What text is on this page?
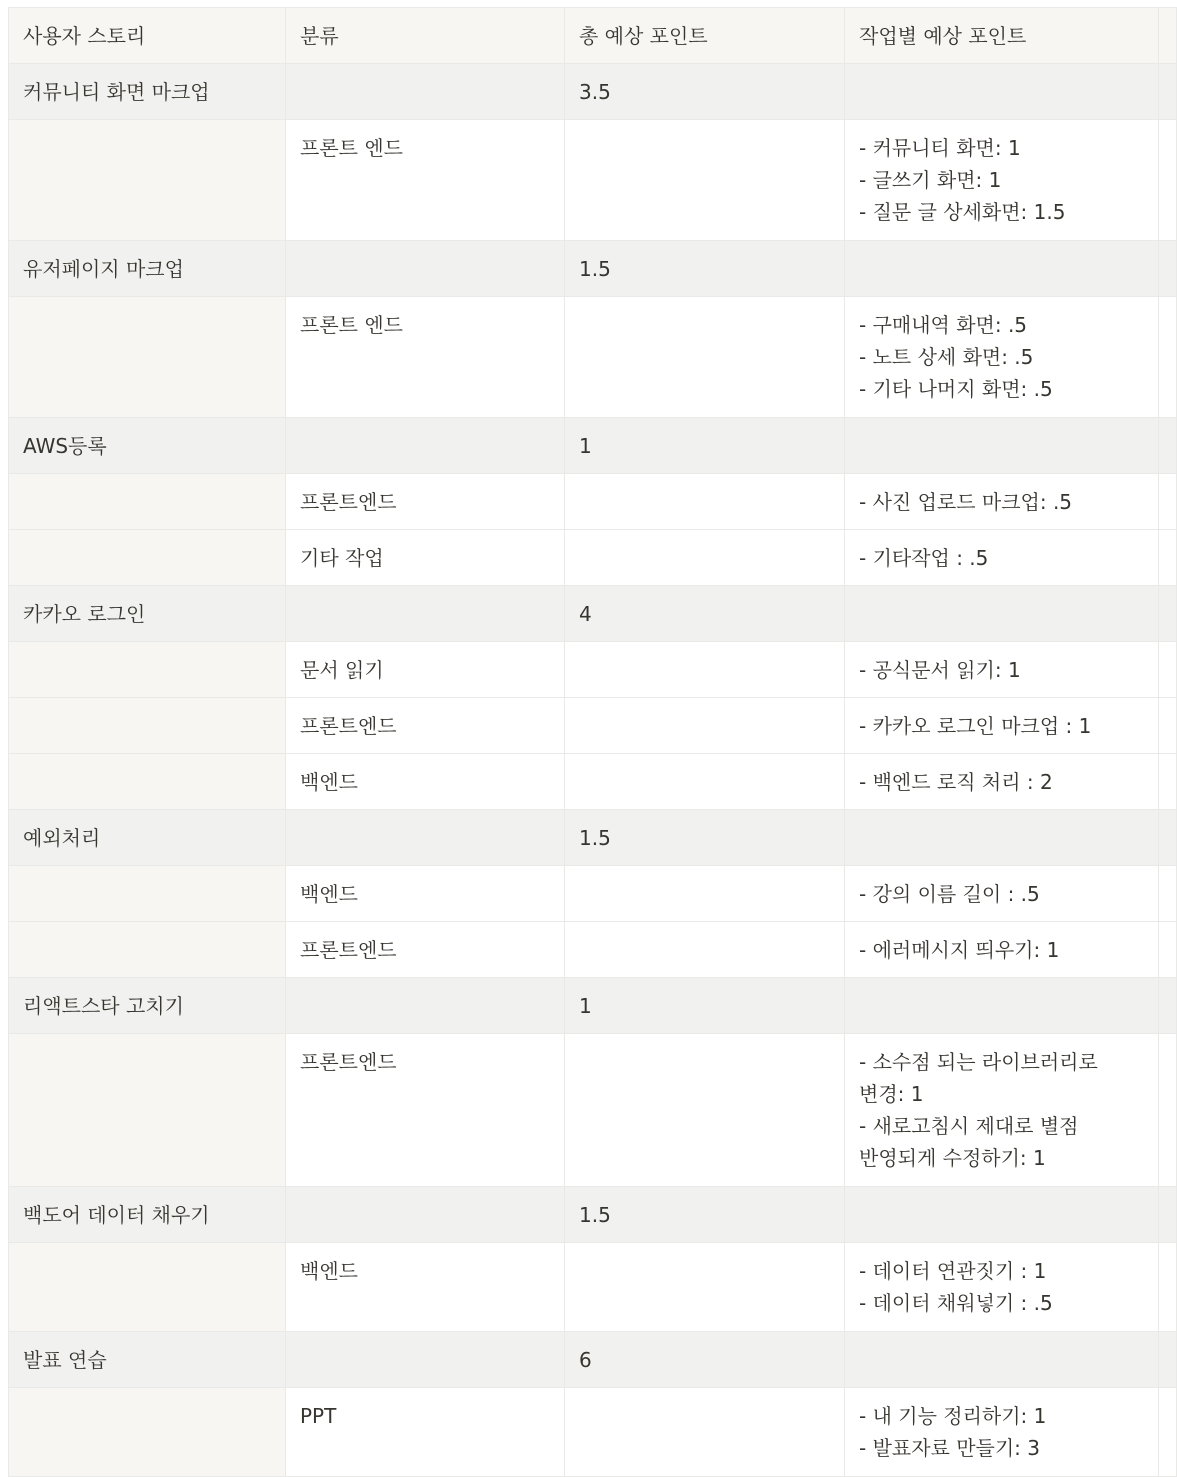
사용자 스토리	분류	총 예상 포인트	작업별 예상 포인트	
커뮤니티 화면 마크업		3.5		
	프론트 엔드		- 커뮤니티 화면: 1
- 글쓰기 화면: 1
- 질문 글 상세화면: 1.5	

유저페이지 마크업		1.5		
	프론트 엔드		- 구매내역 화면: .5
- 노트 상세 화면: .5
- 기타 나머지 화면: .5	

AWS등록		1		
	프론트엔드		- 사진 업로드 마크업: .5	

	기타 작업		- 기타작업 : .5	

카카오 로그인		4		
	문서 읽기		- 공식문서 읽기: 1	

	프론트엔드		- 카카오 로그인 마크업 : 1	

	백엔드		- 백엔드 로직 처리 : 2	

예외처리		1.5		
	백엔드		- 강의 이름 길이 : .5	

	프론트엔드		- 에러메시지 띄우기: 1	

리액트스타 고치기		1		
	프론트엔드		- 소수점 되는 라이브러리로 변경: 1
- 새로고침시 제대로 별점 반영되게 수정하기: 1	

백도어 데이터 채우기		1.5		
	백엔드		- 데이터 연관짓기 : 1
- 데이터 채워넣기 : .5	

발표 연습		6		
	PPT		- 내 기능 정리하기: 1
- 발표자료 만들기: 3	
